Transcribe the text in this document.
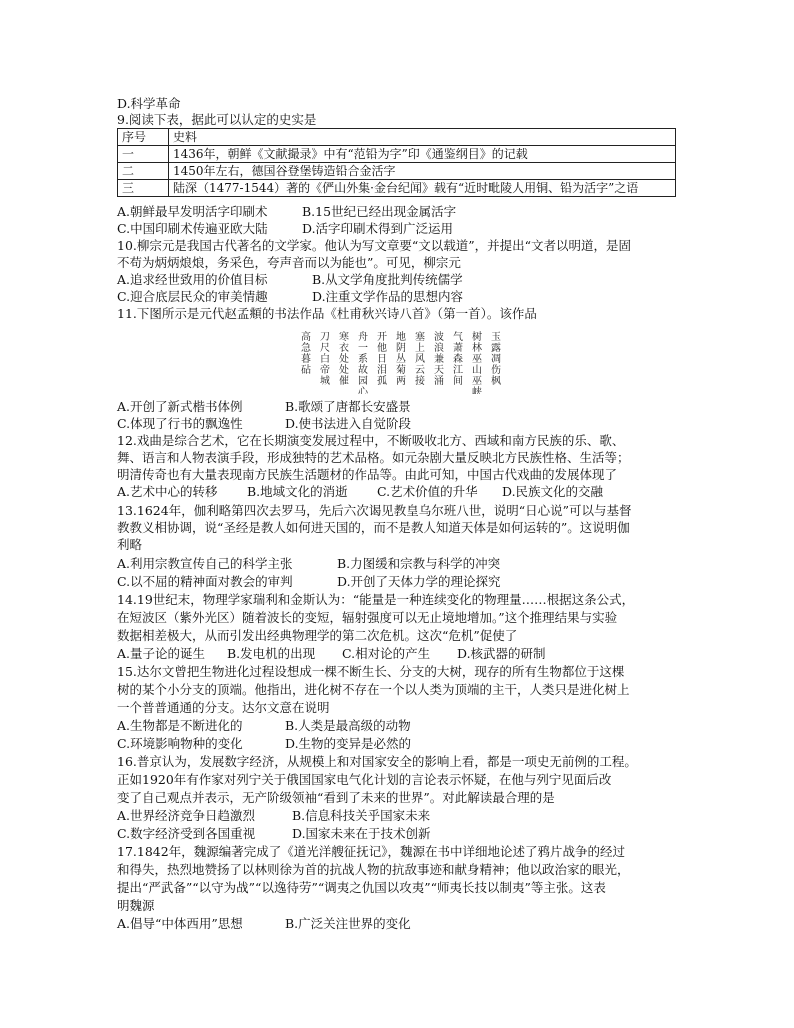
D.科学革命
9.阅读下表，据此可以认定的史实是
序号	史料
一	1436年，朝鲜《文献撮录》中有“范铅为字”印《通鉴纲目》的记载
二	1450年左右，德国谷登堡铸造铅合金活字
三	陆深（1477-1544）著的《俨山外集·金台纪闻》载有“近时毗陵人用铜、铅为活字”之语
A.朝鲜最早发明活字印刷术	B.15世纪已经出现金属活字
C.中国印刷术传遍亚欧大陆	D.活字印刷术得到广泛运用
10.柳宗元是我国古代著名的文学家。他认为写文章要“文以载道”，并提出“文者以明道，是固
不苟为炳炳烺烺，务采色，夸声音而以为能也”。可见，柳宗元
A.追求经世致用的价值目标	B.从文学角度批判传统儒学
C.迎合底层民众的审美情趣	D.注重文学作品的思想内容
11.下图所示是元代赵孟頫的书法作品《杜甫秋兴诗八首》（第一首）。该作品
玉露凋伤枫
树林巫山巫峡
气萧森江间
波浪兼天涌
塞上风云接
地阴丛菊两
开他日泪孤
舟一系故园心
寒衣处处催
刀尺白帝城
高急暮砧
A.开创了新式楷书体例	B.歌颂了唐都长安盛景
C.体现了行书的飘逸性	D.使书法进入自觉阶段
12.戏曲是综合艺术，它在长期演变发展过程中，不断吸收北方、西域和南方民族的乐、歌、
舞、语言和人物表演手段，形成独特的艺术品格。如元杂剧大量反映北方民族性格、生活等；
明清传奇也有大量表现南方民族生活题材的作品等。由此可知，中国古代戏曲的发展体现了
A.艺术中心的转移 B.地域文化的消逝 C.艺术价值的升华 D.民族文化的交融
13.1624年，伽利略第四次去罗马，先后六次谒见教皇乌尔班八世，说明“日心说”可以与基督
教教义相协调，说“圣经是教人如何进天国的，而不是教人知道天体是如何运转的”。这说明伽
利略
A.利用宗教宣传自己的科学主张	B.力图缓和宗教与科学的冲突
C.以不屈的精神面对教会的审判	D.开创了天体力学的理论探究
14.19世纪末，物理学家瑞利和金斯认为：“能量是一种连续变化的物理量……根据这条公式，
在短波区（紫外光区）随着波长的变短，辐射强度可以无止境地增加。”这个推理结果与实验
数据相差极大，从而引发出经典物理学的第二次危机。这次“危机”促使了
A.量子论的诞生 B.发电机的出现 C.相对论的产生 D.核武器的研制
15.达尔文曾把生物进化过程设想成一棵不断生长、分支的大树，现存的所有生物都位于这棵
树的某个小分支的顶端。他指出，进化树不存在一个以人类为顶端的主干，人类只是进化树上
一个普普通通的分支。达尔文意在说明
A.生物都是不断进化的	B.人类是最高级的动物
C.环境影响物种的变化	D.生物的变异是必然的
16.普京认为，发展数字经济，从规模上和对国家安全的影响上看，都是一项史无前例的工程。
正如1920年有作家对列宁关于俄国国家电气化计划的言论表示怀疑，在他与列宁见面后改
变了自己观点并表示，无产阶级领袖“看到了未来的世界”。对此解读最合理的是
A.世界经济竞争日趋激烈	B.信息科技关乎国家未来
C.数字经济受到各国重视	D.国家未来在于技术创新
17.1842年，魏源编著完成了《道光洋艘征抚记》，魏源在书中详细地论述了鸦片战争的经过
和得失，热烈地赞扬了以林则徐为首的抗战人物的抗敌事迹和献身精神；他以政治家的眼光，
提出“严武备”“以守为战”“以逸待劳”“调夷之仇国以攻夷”“师夷长技以制夷”等主张。这表
明魏源
A.倡导“中体西用”思想	B.广泛关注世界的变化
